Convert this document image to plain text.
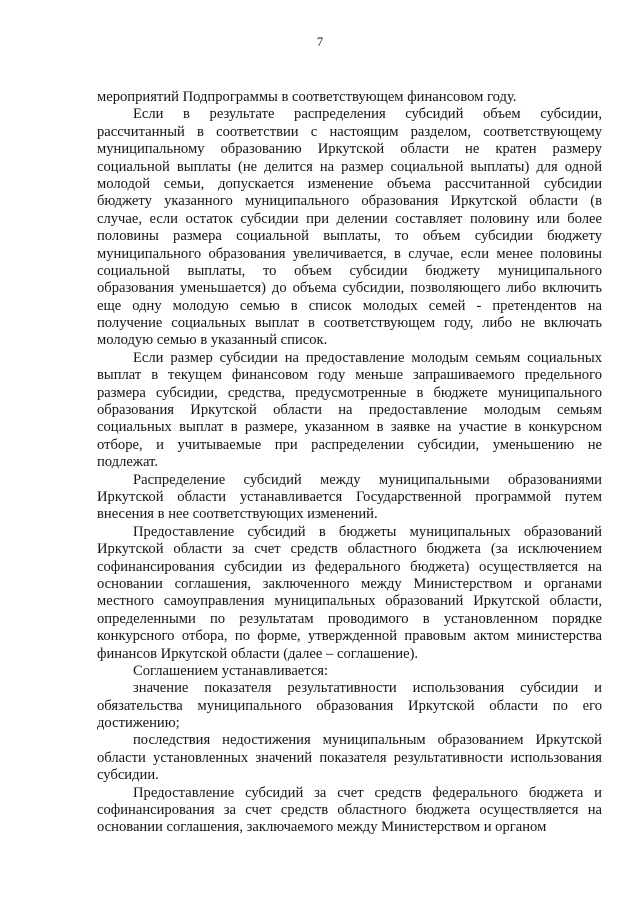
7
мероприятий Подпрограммы в соответствующем финансовом году.
Если в результате распределения субсидий объем субсидии,
рассчитанный в соответствии с настоящим разделом, соответствующему
муниципальному образованию Иркутской области не кратен размеру
социальной выплаты (не делится на размер социальной выплаты) для одной
молодой семьи, допускается изменение объема рассчитанной субсидии
бюджету указанного муниципального образования Иркутской области (в
случае, если остаток субсидии при делении составляет половину или более
половины размера социальной выплаты, то объем субсидии бюджету
муниципального образования увеличивается, в случае, если менее половины
социальной выплаты, то объем субсидии бюджету муниципального
образования уменьшается) до объема субсидии, позволяющего либо включить
еще одну молодую семью в список молодых семей - претендентов на
получение социальных выплат в соответствующем году, либо не включать
молодую семью в указанный список.
Если размер субсидии на предоставление молодым семьям социальных
выплат в текущем финансовом году меньше запрашиваемого предельного
размера субсидии, средства, предусмотренные в бюджете муниципального
образования Иркутской области на предоставление молодым семьям
социальных выплат в размере, указанном в заявке на участие в конкурсном
отборе, и учитываемые при распределении субсидии, уменьшению не
подлежат.
Распределение субсидий между муниципальными образованиями
Иркутской области устанавливается Государственной программой путем
внесения в нее соответствующих изменений.
Предоставление субсидий в бюджеты муниципальных образований
Иркутской области за счет средств областного бюджета (за исключением
софинансирования субсидии из федерального бюджета) осуществляется на
основании соглашения, заключенного между Министерством и органами
местного самоуправления муниципальных образований Иркутской области,
определенными по результатам проводимого в установленном порядке
конкурсного отбора, по форме, утвержденной правовым актом министерства
финансов Иркутской области (далее – соглашение).
Соглашением устанавливается:
значение показателя результативности использования субсидии и
обязательства муниципального образования Иркутской области по его
достижению;
последствия недостижения муниципальным образованием Иркутской
области установленных значений показателя результативности использования
субсидии.
Предоставление субсидий за счет средств федерального бюджета и
софинансирования за счет средств областного бюджета осуществляется на
основании соглашения, заключаемого между Министерством и органом
